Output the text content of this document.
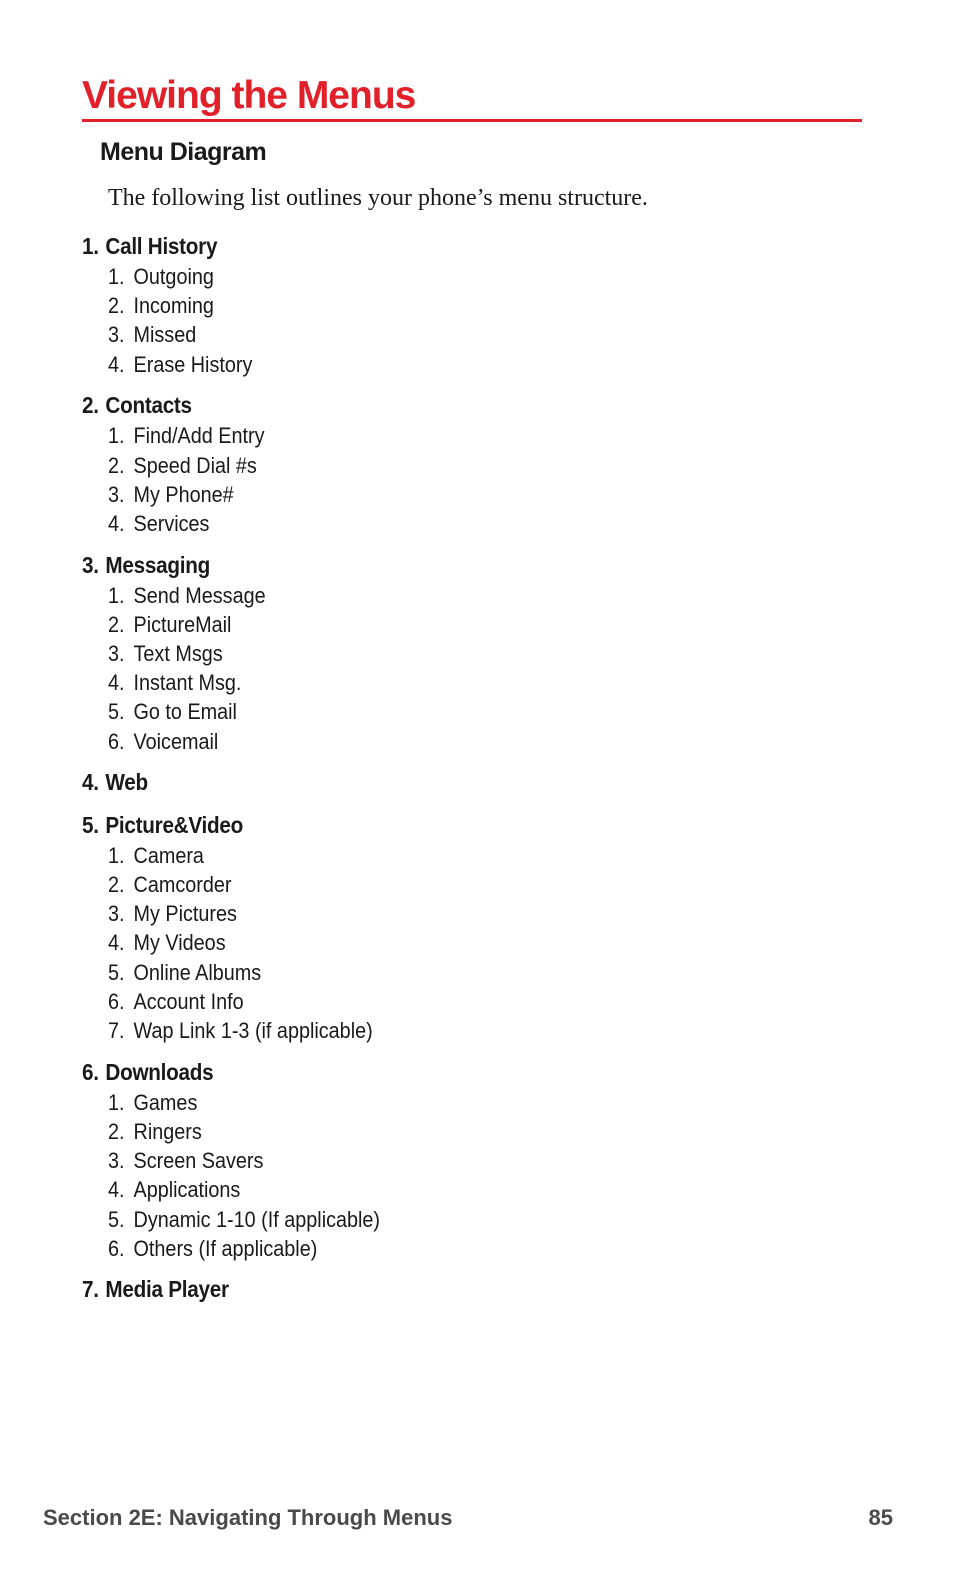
Viewing the Menus
Menu Diagram

The following list outlines your phone’s menu structure.

1. Call History
1. Outgoing
2. Incoming
3. Missed
4. Erase History
2. Contacts
1. Find/Add Entry
2. Speed Dial #s
3. My Phone#
4. Services
3. Messaging
1. Send Message
2. PictureMail
3. Text Msgs
4. Instant Msg.
5. Go to Email
6. Voicemail
4. Web
5. Picture&Video
1. Camera
2. Camcorder
3. My Pictures
4. My Videos
5. Online Albums
6. Account Info
7. Wap Link 1-3 (if applicable)
6. Downloads
1. Games
2. Ringers
3. Screen Savers
4. Applications
5. Dynamic 1-10 (If applicable)
6. Others (If applicable)
7. Media Player
Section 2E: Navigating Through Menus	85
